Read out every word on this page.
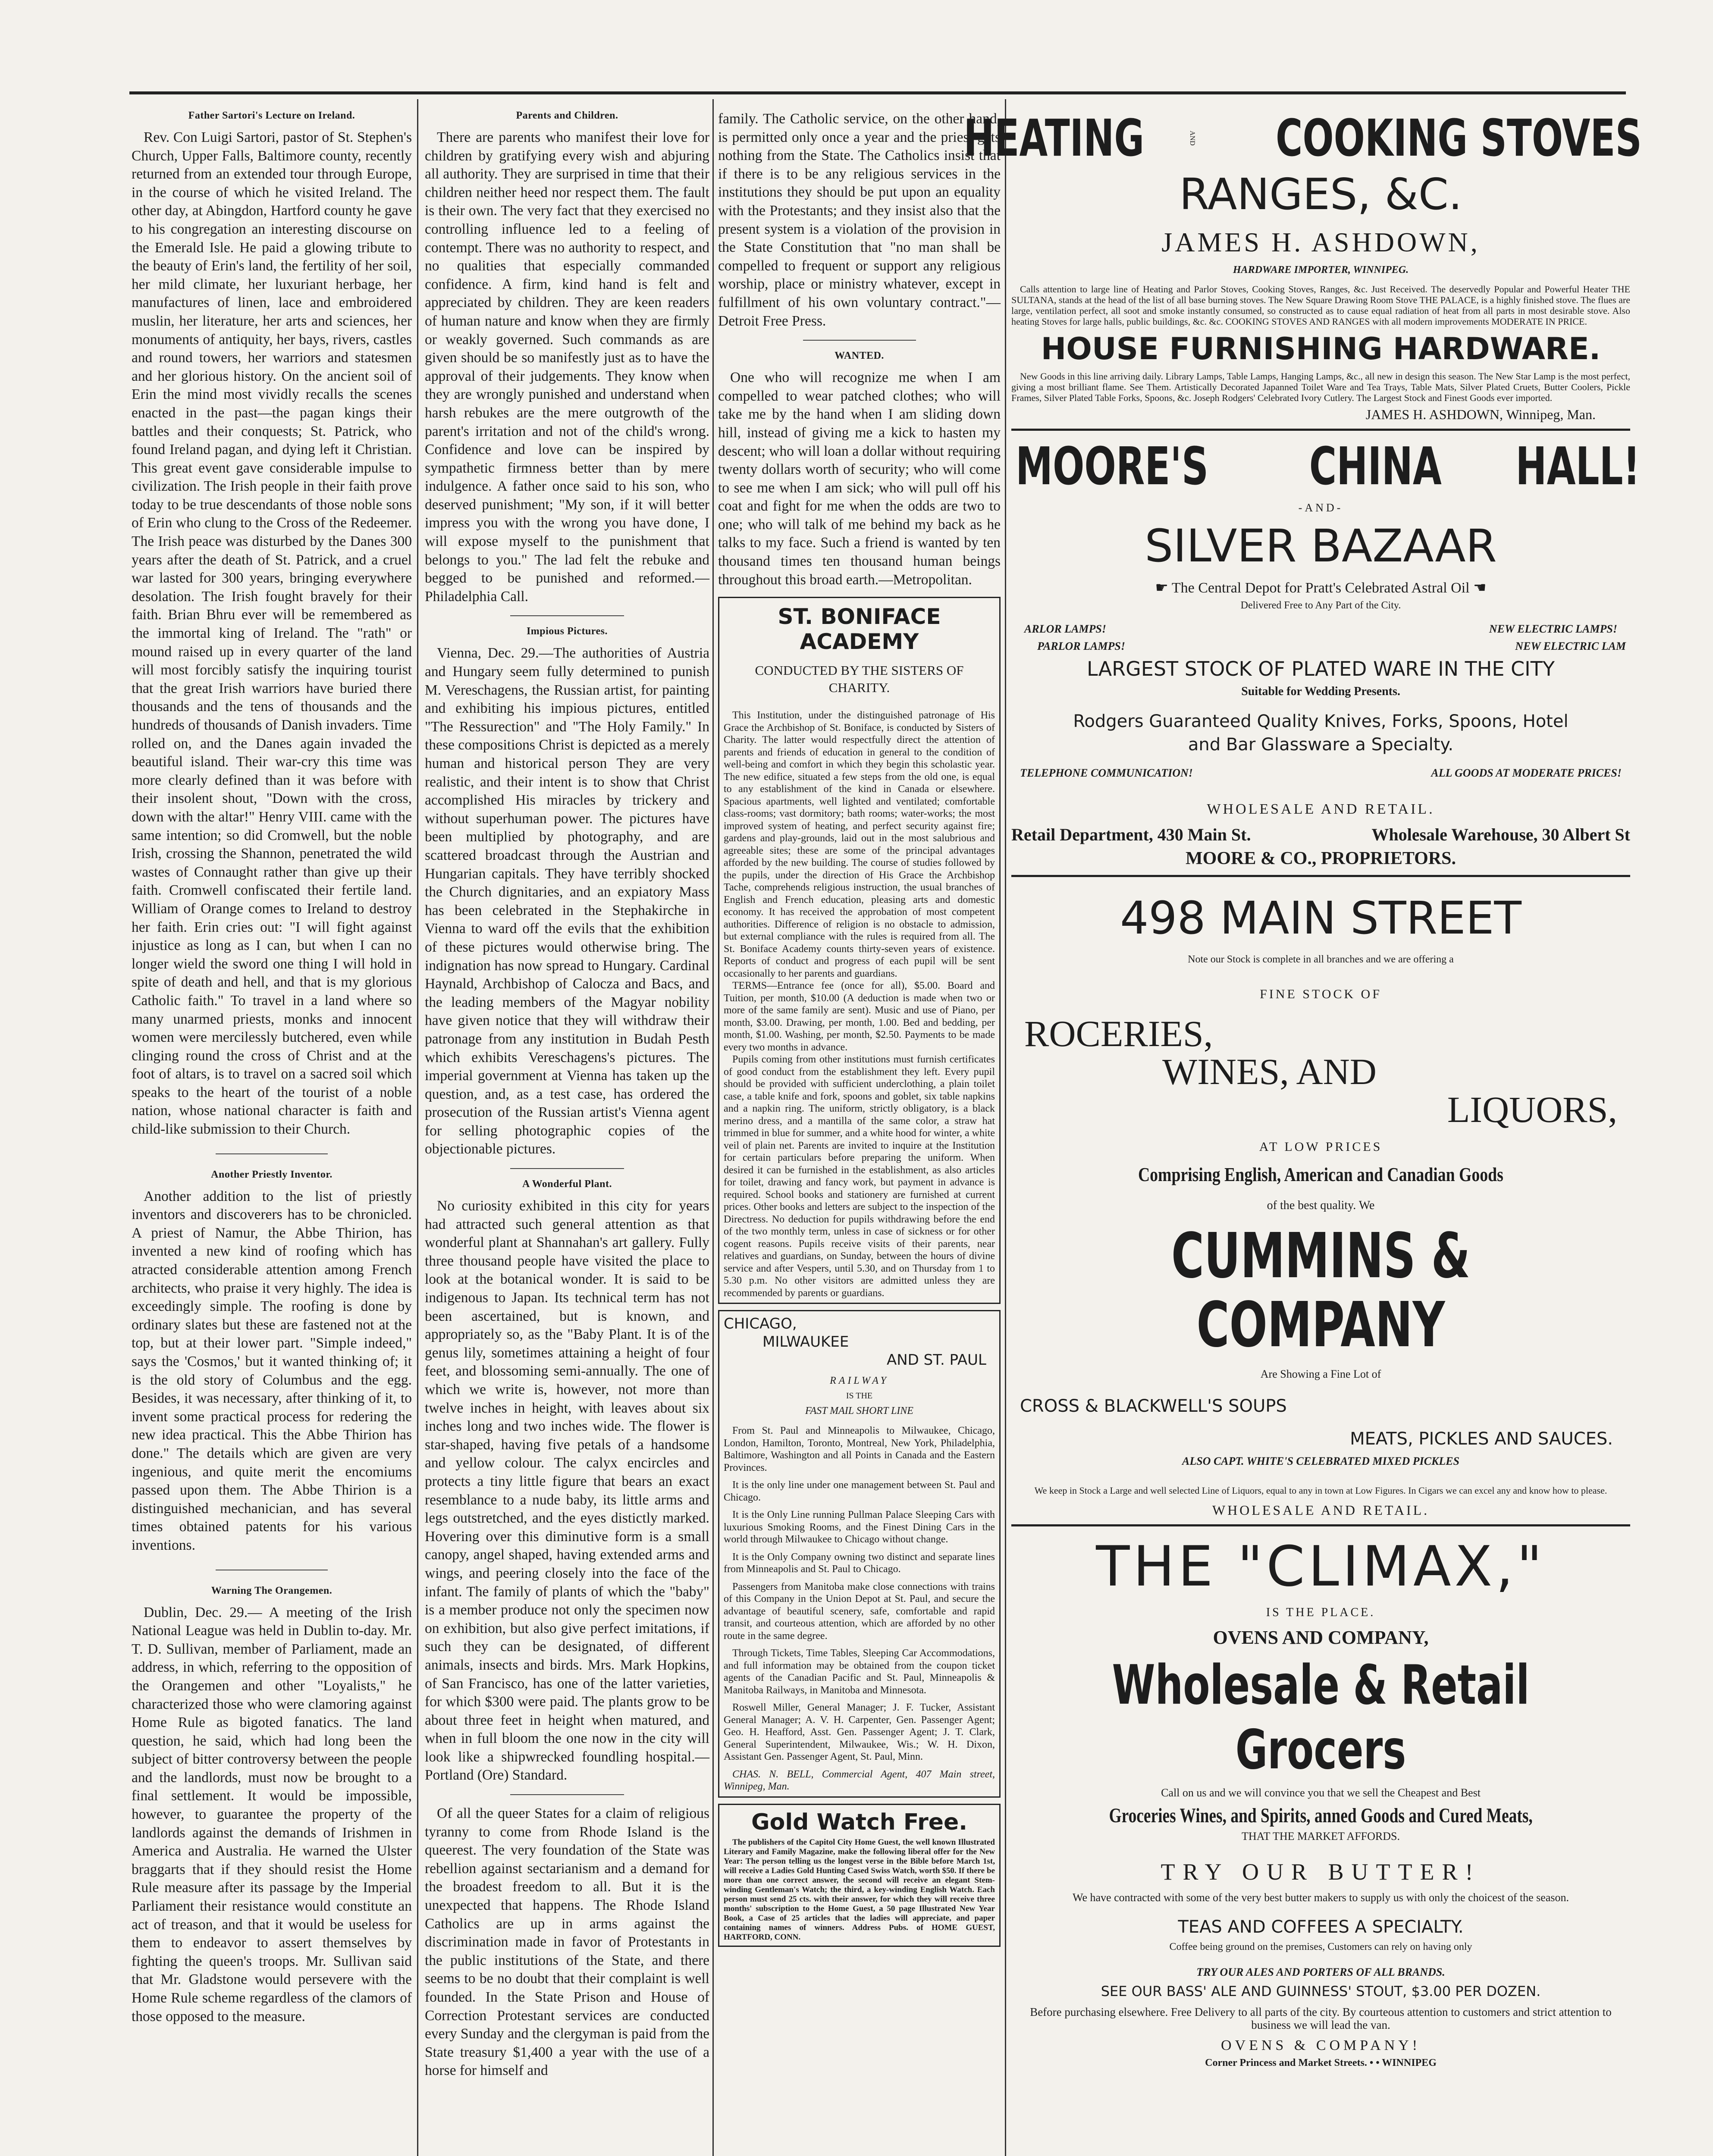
Father Sartori's Lecture on Ireland.

Rev. Con Luigi Sartori, pastor of St. Stephen's Church, Upper Falls, Baltimore county, recently returned from an extended tour through Europe, in the course of which he visited Ireland. The other day, at Abingdon, Hartford county he gave to his congregation an interesting discourse on the Emerald Isle. He paid a glowing tribute to the beauty of Erin's land, the fertility of her soil, her mild climate, her luxuriant herbage, her manufactures of linen, lace and embroidered muslin, her literature, her arts and sciences, her monuments of antiquity, her bays, rivers, castles and round towers, her warriors and statesmen and her glorious history. On the ancient soil of Erin the mind most vividly recalls the scenes enacted in the past—the pagan kings their battles and their conquests; St. Patrick, who found Ireland pagan, and dying left it Christian. This great event gave considerable impulse to civilization. The Irish people in their faith prove today to be true descendants of those noble sons of Erin who clung to the Cross of the Redeemer. The Irish peace was disturbed by the Danes 300 years after the death of St. Patrick, and a cruel war lasted for 300 years, bringing everywhere desolation. The Irish fought bravely for their faith. Brian Bhru ever will be remembered as the immortal king of Ireland. The "rath" or mound raised up in every quarter of the land will most forcibly satisfy the inquiring tourist that the great Irish warriors have buried there thousands and the tens of thousands and the hundreds of thousands of Danish invaders. Time rolled on, and the Danes again invaded the beautiful island. Their war-cry this time was more clearly defined than it was before with their insolent shout, "Down with the cross, down with the altar!" Henry VIII. came with the same intention; so did Cromwell, but the noble Irish, crossing the Shannon, penetrated the wild wastes of Connaught rather than give up their faith. Cromwell confiscated their fertile land. William of Orange comes to Ireland to destroy her faith. Erin cries out: "I will fight against injustice as long as I can, but when I can no longer wield the sword one thing I will hold in spite of death and hell, and that is my glorious Catholic faith." To travel in a land where so many unarmed priests, monks and innocent women were mercilessly butchered, even while clinging round the cross of Christ and at the foot of altars, is to travel on a sacred soil which speaks to the heart of the tourist of a noble nation, whose national character is faith and child-like submission to their Church.

Another Priestly Inventor.

Another addition to the list of priestly inventors and discoverers has to be chronicled. A priest of Namur, the Abbe Thirion, has invented a new kind of roofing which has atracted considerable attention among French architects, who praise it very highly. The idea is exceedingly simple. The roofing is done by ordinary slates but these are fastened not at the top, but at their lower part. "Simple indeed," says the 'Cosmos,' but it wanted thinking of; it is the old story of Columbus and the egg. Besides, it was necessary, after thinking of it, to invent some practical process for redering the new idea practical. This the Abbe Thirion has done." The details which are given are very ingenious, and quite merit the encomiums passed upon them. The Abbe Thirion is a distinguished mechanician, and has several times obtained patents for his various inventions.

Warning The Orangemen.

Dublin, Dec. 29.— A meeting of the Irish National League was held in Dublin to-day. Mr. T. D. Sullivan, member of Parliament, made an address, in which, referring to the opposition of the Orangemen and other "Loyalists," he characterized those who were clamoring against Home Rule as bigoted fanatics. The land question, he said, which had long been the subject of bitter controversy between the people and the landlords, must now be brought to a final settlement. It would be impossible, however, to guarantee the property of the landlords against the demands of Irishmen in America and Australia. He warned the Ulster braggarts that if they should resist the Home Rule measure after its passage by the Imperial Parliament their resistance would constitute an act of treason, and that it would be useless for them to endeavor to assert themselves by fighting the queen's troops. Mr. Sullivan said that Mr. Gladstone would persevere with the Home Rule scheme regardless of the clamors of those opposed to the measure.

Parents and Children.

There are parents who manifest their love for children by gratifying every wish and abjuring all authority. They are surprised in time that their children neither heed nor respect them. The fault is their own. The very fact that they exercised no controlling influence led to a feeling of contempt. There was no authority to respect, and no qualities that especially commanded confidence. A firm, kind hand is felt and appreciated by children. They are keen readers of human nature and know when they are firmly or weakly governed. Such commands as are given should be so manifestly just as to have the approval of their judgements. They know when they are wrongly punished and understand when harsh rebukes are the mere outgrowth of the parent's irritation and not of the child's wrong. Confidence and love can be inspired by sympathetic firmness better than by mere indulgence. A father once said to his son, who deserved punishment; "My son, if it will better impress you with the wrong you have done, I will expose myself to the punishment that belongs to you." The lad felt the rebuke and begged to be punished and reformed.—Philadelphia Call.

Impious Pictures.

Vienna, Dec. 29.—The authorities of Austria and Hungary seem fully determined to punish M. Vereschagens, the Russian artist, for painting and exhibiting his impious pictures, entitled "The Ressurection" and "The Holy Family." In these compositions Christ is depicted as a merely human and historical person They are very realistic, and their intent is to show that Christ accomplished His miracles by trickery and without superhuman power. The pictures have been multiplied by photography, and are scattered broadcast through the Austrian and Hungarian capitals. They have terribly shocked the Church dignitaries, and an expiatory Mass has been celebrated in the Stephakirche in Vienna to ward off the evils that the exhibition of these pictures would otherwise bring. The indignation has now spread to Hungary. Cardinal Haynald, Archbishop of Calocza and Bacs, and the leading members of the Magyar nobility have given notice that they will withdraw their patronage from any institution in Budah Pesth which exhibits Vereschagens's pictures. The imperial government at Vienna has taken up the question, and, as a test case, has ordered the prosecution of the Russian artist's Vienna agent for selling photographic copies of the objectionable pictures.

A Wonderful Plant.

No curiosity exhibited in this city for years had attracted such general attention as that wonderful plant at Shannahan's art gallery. Fully three thousand people have visited the place to look at the botanical wonder. It is said to be indigenous to Japan. Its technical term has not been ascertained, but is known, and appropriately so, as the "Baby Plant. It is of the genus lily, sometimes attaining a height of four feet, and blossoming semi-annually. The one of which we write is, however, not more than twelve inches in height, with leaves about six inches long and two inches wide. The flower is star-shaped, having five petals of a handsome and yellow colour. The calyx encircles and protects a tiny little figure that bears an exact resemblance to a nude baby, its little arms and legs outstretched, and the eyes distictly marked. Hovering over this diminutive form is a small canopy, angel shaped, having extended arms and wings, and peering closely into the face of the infant. The family of plants of which the "baby" is a member produce not only the specimen now on exhibition, but also give perfect imitations, if such they can be designated, of different animals, insects and birds. Mrs. Mark Hopkins, of San Francisco, has one of the latter varieties, for which $300 were paid. The plants grow to be about three feet in height when matured, and when in full bloom the one now in the city will look like a shipwrecked foundling hospital.—Portland (Ore) Standard.

Of all the queer States for a claim of religious tyranny to come from Rhode Island is the queerest. The very foundation of the State was rebellion against sectarianism and a demand for the broadest freedom to all. But it is the unexpected that happens. The Rhode Island Catholics are up in arms against the discrimination made in favor of Protestants in the public institutions of the State, and there seems to be no doubt that their complaint is well founded. In the State Prison and House of Correction Protestant services are conducted every Sunday and the clergyman is paid from the State treasury $1,400 a year with the use of a horse for himself and

family. The Catholic service, on the other hand, is permitted only once a year and the priest gets nothing from the State. The Catholics insist that if there is to be any religious services in the institutions they should be put upon an equality with the Protestants; and they insist also that the present system is a violation of the provision in the State Constitution that "no man shall be compelled to frequent or support any religious worship, place or ministry whatever, except in fulfillment of his own voluntary contract."—Detroit Free Press.

WANTED.

One who will recognize me when I am compelled to wear patched clothes; who will take me by the hand when I am sliding down hill, instead of giving me a kick to hasten my descent; who will loan a dollar without requiring twenty dollars worth of security; who will come to see me when I am sick; who will pull off his coat and fight for me when the odds are two to one; who will talk of me behind my back as he talks to my face. Such a friend is wanted by ten thousand times ten thousand human beings throughout this broad earth.—Metropolitan.

ST. BONIFACE ACADEMY
CONDUCTED BY THE SISTERS OF CHARITY.

This Institution, under the distinguished patronage of His Grace the Archbishop of St. Boniface, is conducted by Sisters of Charity. The latter would respectfully direct the attention of parents and friends of education in general to the condition of well-being and comfort in which they begin this scholastic year. The new edifice, situated a few steps from the old one, is equal to any establishment of the kind in Canada or elsewhere. Spacious apartments, well lighted and ventilated; comfortable class-rooms; vast dormitory; bath rooms; water-works; the most improved system of heating, and perfect security against fire; gardens and play-grounds, laid out in the most salubrious and agreeable sites; these are some of the principal advantages afforded by the new building. The course of studies followed by the pupils, under the direction of His Grace the Archbishop Tache, comprehends religious instruction, the usual branches of English and French education, pleasing arts and domestic economy. It has received the approbation of most competent authorities. Difference of religion is no obstacle to admission, but external compliance with the rules is required from all. The St. Boniface Academy counts thirty-seven years of existence. Reports of conduct and progress of each pupil will be sent occasionally to her parents and guardians.

TERMS—Entrance fee (once for all), $5.00. Board and Tuition, per month, $10.00 (A deduction is made when two or more of the same family are sent). Music and use of Piano, per month, $3.00. Drawing, per month, 1.00. Bed and bedding, per month, $1.00. Washing, per month, $2.50. Payments to be made every two months in advance.

Pupils coming from other institutions must furnish certificates of good conduct from the establishment they left. Every pupil should be provided with sufficient underclothing, a plain toilet case, a table knife and fork, spoons and goblet, six table napkins and a napkin ring. The uniform, strictly obligatory, is a black merino dress, and a mantilla of the same color, a straw hat trimmed in blue for summer, and a white hood for winter, a white veil of plain net. Parents are invited to inquire at the Institution for certain particulars before preparing the uniform. When desired it can be furnished in the establishment, as also articles for toilet, drawing and fancy work, but payment in advance is required. School books and stationery are furnished at current prices. Other books and letters are subject to the inspection of the Directress. No deduction for pupils withdrawing before the end of the two monthly term, unless in case of sickness or for other cogent reasons. Pupils receive visits of their parents, near relatives and guardians, on Sunday, between the hours of divine service and after Vespers, until 5.30, and on Thursday from 1 to 5.30 p.m. No other visitors are admitted unless they are recommended by parents or guardians.

CHICAGO,
MILWAUKEE
AND ST. PAUL
RAILWAY
IS THE
FAST MAIL SHORT LINE

From St. Paul and Minneapolis to Milwaukee, Chicago, London, Hamilton, Toronto, Montreal, New York, Philadelphia, Baltimore, Washington and all Points in Canada and the Eastern Provinces.

It is the only line under one management between St. Paul and Chicago.

It is the Only Line running Pullman Palace Sleeping Cars with luxurious Smoking Rooms, and the Finest Dining Cars in the world through Milwaukee to Chicago without change.

It is the Only Company owning two distinct and separate lines from Minneapolis and St. Paul to Chicago.

Passengers from Manitoba make close connections with trains of this Company in the Union Depot at St. Paul, and secure the advantage of beautiful scenery, safe, comfortable and rapid transit, and courteous attention, which are afforded by no other route in the same degree.

Through Tickets, Time Tables, Sleeping Car Accommodations, and full information may be obtained from the coupon ticket agents of the Canadian Pacific and St. Paul, Minneapolis & Manitoba Railways, in Manitoba and Minnesota.

Roswell Miller, General Manager; J. F. Tucker, Assistant General Manager; A. V. H. Carpenter, Gen. Passenger Agent; Geo. H. Heafford, Asst. Gen. Passenger Agent; J. T. Clark, General Superintendent, Milwaukee, Wis.; W. H. Dixon, Assistant Gen. Passenger Agent, St. Paul, Minn.

CHAS. N. BELL, Commercial Agent, 407 Main street, Winnipeg, Man.

Gold Watch Free.

The publishers of the Capitol City Home Guest, the well known Illustrated Literary and Family Magazine, make the following liberal offer for the New Year: The person telling us the longest verse in the Bible before March 1st, will receive a Ladies Gold Hunting Cased Swiss Watch, worth $50. If there be more than one correct answer, the second will receive an elegant Stem-winding Gentleman's Watch; the third, a key-winding English Watch. Each person must send 25 cts. with their answer, for which they will receive three months' subscription to the Home Guest, a 50 page Illustrated New Year Book, a Case of 25 articles that the ladies will appreciate, and paper containing names of winners. Address Pubs. of HOME GUEST, HARTFORD, CONN.

HEATING	AND	COOKING STOVES
RANGES, &C.
JAMES H. ASHDOWN,
HARDWARE IMPORTER, WINNIPEG.

Calls attention to large line of Heating and Parlor Stoves, Cooking Stoves, Ranges, &c. Just Received. The deservedly Popular and Powerful Heater THE SULTANA, stands at the head of the list of all base burning stoves. The New Square Drawing Room Stove THE PALACE, is a highly finished stove. The flues are large, ventilation perfect, all soot and smoke instantly consumed, so constructed as to cause equal radiation of heat from all parts in most desirable stove. Also heating Stoves for large halls, public buildings, &c. &c. COOKING STOVES AND RANGES with all modern improvements MODERATE IN PRICE.

HOUSE FURNISHING HARDWARE.

New Goods in this line arriving daily. Library Lamps, Table Lamps, Hanging Lamps, &c., all new in design this season. The New Star Lamp is the most perfect, giving a most brilliant flame. See Them. Artistically Decorated Japanned Toilet Ware and Tea Trays, Table Mats, Silver Plated Cruets, Butter Coolers, Pickle Frames, Silver Plated Table Forks, Spoons, &c. Joseph Rodgers' Celebrated Ivory Cutlery. The Largest Stock and Finest Goods ever imported.

JAMES H. ASHDOWN, Winnipeg, Man.
MOORE'S CHINA HALL!
-AND-
SILVER BAZAAR
☛ The Central Depot for Pratt's Celebrated Astral Oil ☚
Delivered Free to Any Part of the City.
ARLOR LAMPS!	NEW ELECTRIC LAMPS!
PARLOR LAMPS!	NEW ELECTRIC LAM
LARGEST STOCK OF PLATED WARE IN THE CITY
Suitable for Wedding Presents.
Rodgers Guaranteed Quality Knives, Forks, Spoons, Hotel
and Bar Glassware a Specialty.
TELEPHONE COMMUNICATION!	ALL GOODS AT MODERATE PRICES!
WHOLESALE AND RETAIL.
Retail Department, 430 Main St.	Wholesale Warehouse, 30 Albert St
MOORE & CO., PROPRIETORS.
498 MAIN STREET
Note our Stock is complete in all branches and we are offering a
FINE STOCK OF
ROCERIES,
WINES, AND
LIQUORS,
AT LOW PRICES
Comprising English, American and Canadian Goods
of the best quality. We
CUMMINS & COMPANY
Are Showing a Fine Lot of
CROSS & BLACKWELL'S SOUPS
MEATS, PICKLES AND SAUCES.
ALSO CAPT. WHITE'S CELEBRATED MIXED PICKLES

We keep in Stock a Large and well selected Line of Liquors, equal to any in town at Low Figures. In Cigars we can excel any and know how to please.

WHOLESALE AND RETAIL.
THE "CLIMAX,"
IS THE PLACE.
OVENS AND COMPANY,
Wholesale & Retail Grocers
Call on us and we will convince you that we sell the Cheapest and Best
Groceries Wines, and Spirits, anned Goods and Cured Meats,
THAT THE MARKET AFFORDS.
TRY OUR BUTTER!
We have contracted with some of the very best butter makers to supply us with only the choicest of the season.
TEAS AND COFFEES A SPECIALTY.
Coffee being ground on the premises, Customers can rely on having only
TRY OUR ALES AND PORTERS OF ALL BRANDS.
SEE OUR BASS' ALE AND GUINNESS' STOUT, $3.00 PER DOZEN.
Before purchasing elsewhere. Free Delivery to all parts of the city. By courteous attention to customers and strict attention to business we will lead the van.
OVENS & COMPANY!
Corner Princess and Market Streets. • • WINNIPEG
